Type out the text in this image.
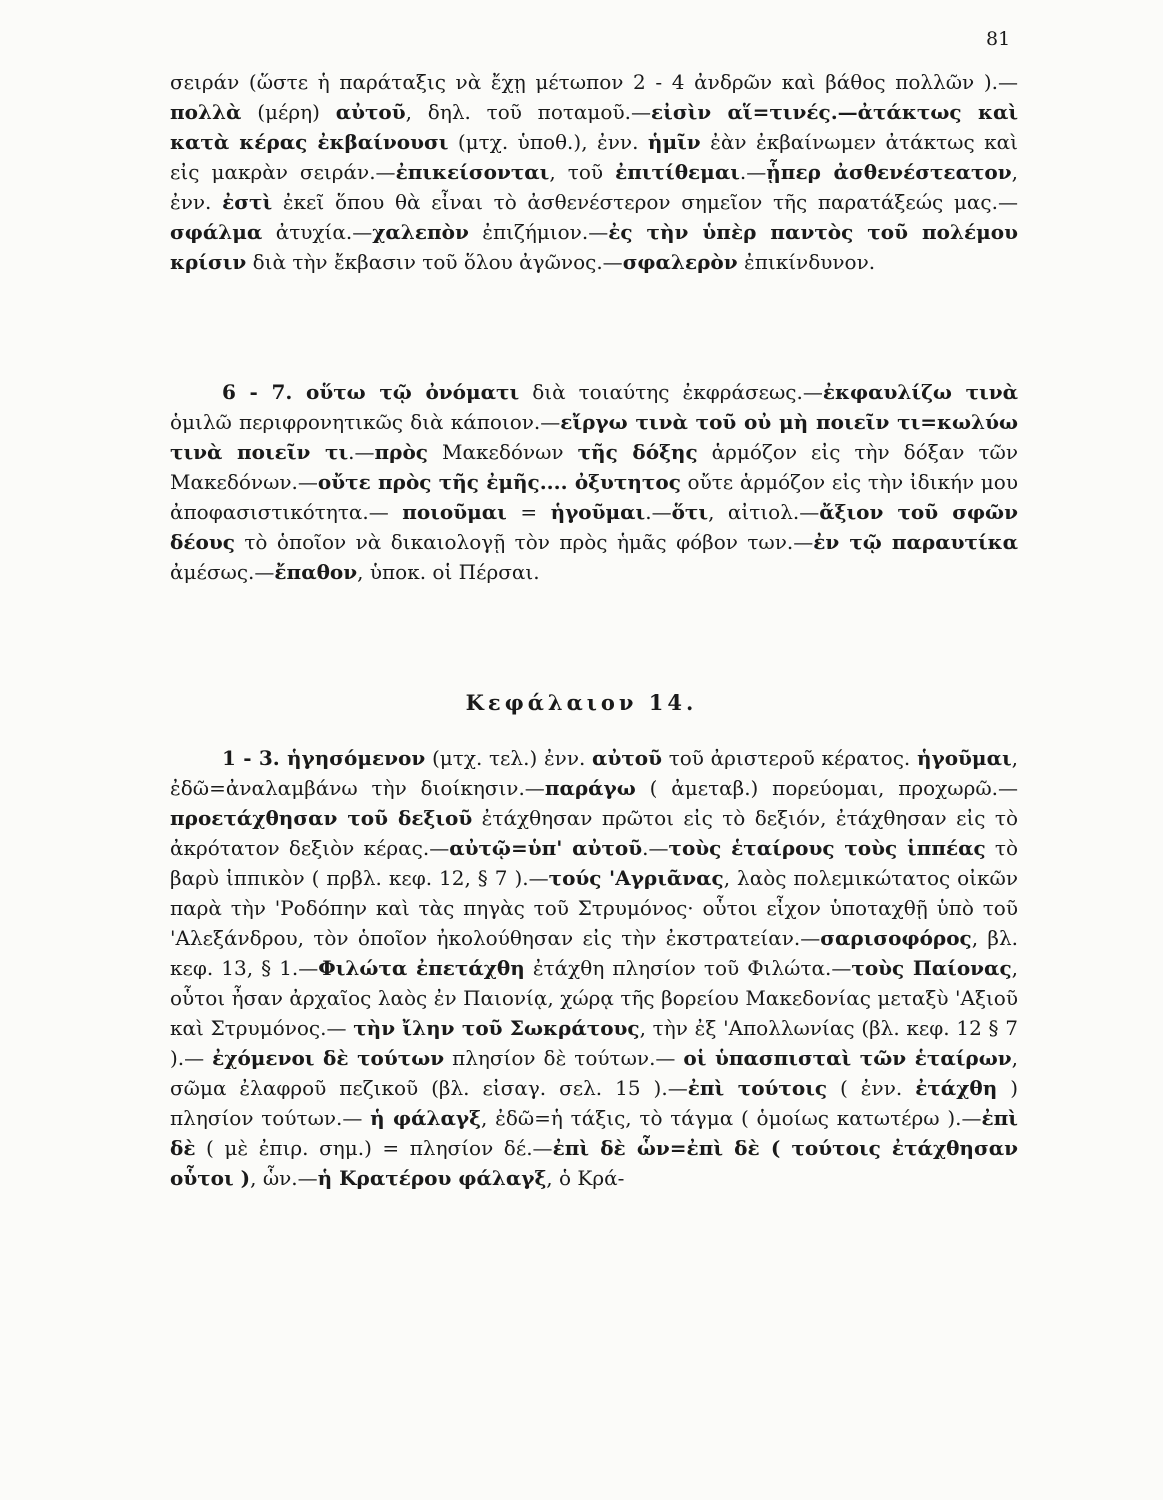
81

σειράν (ὥστε ἡ παράταξις νὰ ἔχῃ μέτωπον 2 - 4 ἀνδρῶν καὶ βάθος πολλῶν ).—πολλὰ (μέρη) αὐτοῦ, δηλ. τοῦ ποταμοῦ.—εἰσὶν αἵ=τινές.—ἀτάκτως καὶ κατὰ κέρας ἐκβαίνουσι (μτχ. ὑποθ.), ἐνν. ἡμῖν ἐὰν ἐκβαίνωμεν ἀτάκτως καὶ εἰς μακρὰν σειράν.—ἐπικείσονται, τοῦ ἐπιτίθεμαι.—ᾗπερ ἀσθενέστεατον, ἐνν. ἐστὶ ἐκεῖ ὅπου θὰ εἶναι τὸ ἀσθενέστερον σημεῖον τῆς παρατάξεώς μας.— σφάλμα ἀτυχία.—χαλεπὸν ἐπιζήμιον.—ἐς τὴν ὑπὲρ παντὸς τοῦ πολέμου κρίσιν διὰ τὴν ἔκβασιν τοῦ ὅλου ἀγῶνος.—σφαλερὸν ἐπικίνδυνον.

6 - 7. οὕτω τῷ ὀνόματι διὰ τοιαύτης ἐκφράσεως.—ἐκφαυλίζω τινὰ ὁμιλῶ περιφρονητικῶς διὰ κάποιον.—εἴργω τινὰ τοῦ οὐ μὴ ποιεῖν τι=κωλύω τινὰ ποιεῖν τι.—πρὸς Μακεδόνων τῆς δόξης ἁρμόζον εἰς τὴν δόξαν τῶν Μακεδόνων.—οὔτε πρὸς τῆς ἐμῆς.... ὀξυτητος οὔτε ἁρμόζον εἰς τὴν ἰδικήν μου ἀποφασιστικότητα.— ποιοῦμαι = ἡγοῦμαι.—ὅτι, αἰτιολ.—ἄξιον τοῦ σφῶν δέους τὸ ὁποῖον νὰ δικαιολογῇ τὸν πρὸς ἡμᾶς φόβον των.—ἐν τῷ παραυτίκα ἀμέσως.—ἔπαθον, ὑποκ. οἱ Πέρσαι.

Κεφάλαιον 14.

1 - 3. ἡγησόμενον (μτχ. τελ.) ἐνν. αὐτοῦ τοῦ ἀριστεροῦ κέρατος. ἡγοῦμαι, ἐδῶ=ἀναλαμβάνω τὴν διοίκησιν.—παράγω ( ἀμεταβ.) πορεύομαι, προχωρῶ.—προετάχθησαν τοῦ δεξιοῦ ἐτάχθησαν πρῶτοι εἰς τὸ δεξιόν, ἐτάχθησαν εἰς τὸ ἀκρότατον δεξιὸν κέρας.—αὐτῷ=ὑπ' αὐτοῦ.—τοὺς ἑταίρους τοὺς ἱππέας τὸ βαρὺ ἱππικὸν ( πρβλ. κεφ. 12, § 7 ).—τούς 'Αγριᾶνας, λαὸς πολεμικώτατος οἰκῶν παρὰ τὴν 'Ροδόπην καὶ τὰς πηγὰς τοῦ Στρυμόνος· οὗτοι εἶχον ὑποταχθῇ ὑπὸ τοῦ 'Αλεξάνδρου, τὸν ὁποῖον ἠκολούθησαν εἰς τὴν ἐκστρατείαν.—σαρισοφόρος, βλ. κεφ. 13, § 1.—Φιλώτα ἐπετάχθη ἐτάχθη πλησίον τοῦ Φιλώτα.—τοὺς Παίονας, οὗτοι ἦσαν ἀρχαῖος λαὸς ἐν Παιονίᾳ, χώρᾳ τῆς βορείου Μακεδονίας μεταξὺ 'Αξιοῦ καὶ Στρυμόνος.— τὴν ἴλην τοῦ Σωκράτους, τὴν ἐξ 'Απολλωνίας (βλ. κεφ. 12 § 7 ).— ἐχόμενοι δὲ τούτων πλησίον δὲ τούτων.— οἱ ὑπασπισταὶ τῶν ἑταίρων, σῶμα ἐλαφροῦ πεζικοῦ (βλ. εἰσαγ. σελ. 15 ).—ἐπὶ τούτοις ( ἐνν. ἐτάχθη ) πλησίον τούτων.— ἡ φάλαγξ, ἐδῶ=ἡ τάξις, τὸ τάγμα ( ὁμοίως κατωτέρω ).—ἐπὶ δὲ ( μὲ ἐπιρ. σημ.) = πλησίον δέ.—ἐπὶ δὲ ὧν=ἐπὶ δὲ ( τούτοις ἐτάχθησαν οὗτοι ), ὧν.—ἡ Κρατέρου φάλαγξ, ὁ Κρά-
